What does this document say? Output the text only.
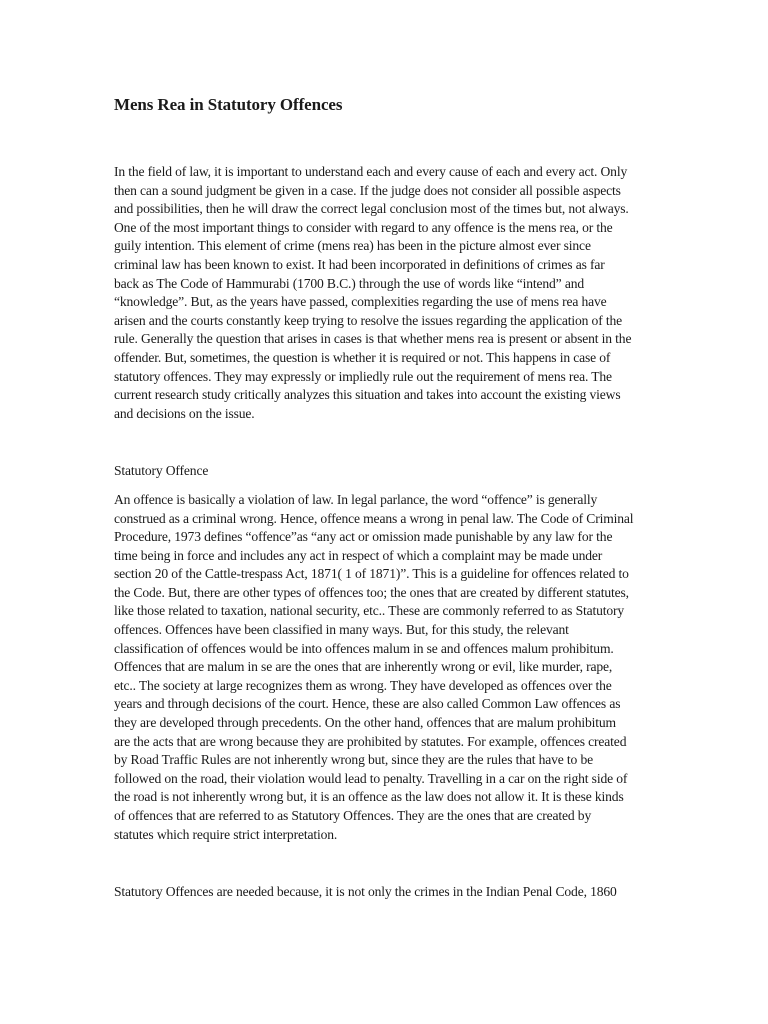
Mens Rea in Statutory Offences

In the field of law, it is important to understand each and every cause of each and every act. Only
then can a sound judgment be given in a case. If the judge does not consider all possible aspects
and possibilities, then he will draw the correct legal conclusion most of the times but, not always.
One of the most important things to consider with regard to any offence is the mens rea, or the
guily intention. This element of crime (mens rea) has been in the picture almost ever since
criminal law has been known to exist. It had been incorporated in definitions of crimes as far
back as The Code of Hammurabi (1700 B.C.) through the use of words like “intend” and
“knowledge”. But, as the years have passed, complexities regarding the use of mens rea have
arisen and the courts constantly keep trying to resolve the issues regarding the application of the
rule. Generally the question that arises in cases is that whether mens rea is present or absent in the
offender. But, sometimes, the question is whether it is required or not. This happens in case of
statutory offences. They may expressly or impliedly rule out the requirement of mens rea. The
current research study critically analyzes this situation and takes into account the existing views
and decisions on the issue.

Statutory Offence

An offence is basically a violation of law. In legal parlance, the word “offence” is generally
construed as a criminal wrong. Hence, offence means a wrong in penal law. The Code of Criminal
Procedure, 1973 defines “offence”as “any act or omission made punishable by any law for the
time being in force and includes any act in respect of which a complaint may be made under
section 20 of the Cattle-trespass Act, 1871( 1 of 1871)”. This is a guideline for offences related to
the Code. But, there are other types of offences too; the ones that are created by different statutes,
like those related to taxation, national security, etc.. These are commonly referred to as Statutory
offences. Offences have been classified in many ways. But, for this study, the relevant
classification of offences would be into offences malum in se and offences malum prohibitum.
Offences that are malum in se are the ones that are inherently wrong or evil, like murder, rape,
etc.. The society at large recognizes them as wrong. They have developed as offences over the
years and through decisions of the court. Hence, these are also called Common Law offences as
they are developed through precedents. On the other hand, offences that are malum prohibitum
are the acts that are wrong because they are prohibited by statutes. For example, offences created
by Road Traffic Rules are not inherently wrong but, since they are the rules that have to be
followed on the road, their violation would lead to penalty. Travelling in a car on the right side of
the road is not inherently wrong but, it is an offence as the law does not allow it. It is these kinds
of offences that are referred to as Statutory Offences. They are the ones that are created by
statutes which require strict interpretation.

Statutory Offences are needed because, it is not only the crimes in the Indian Penal Code, 1860
